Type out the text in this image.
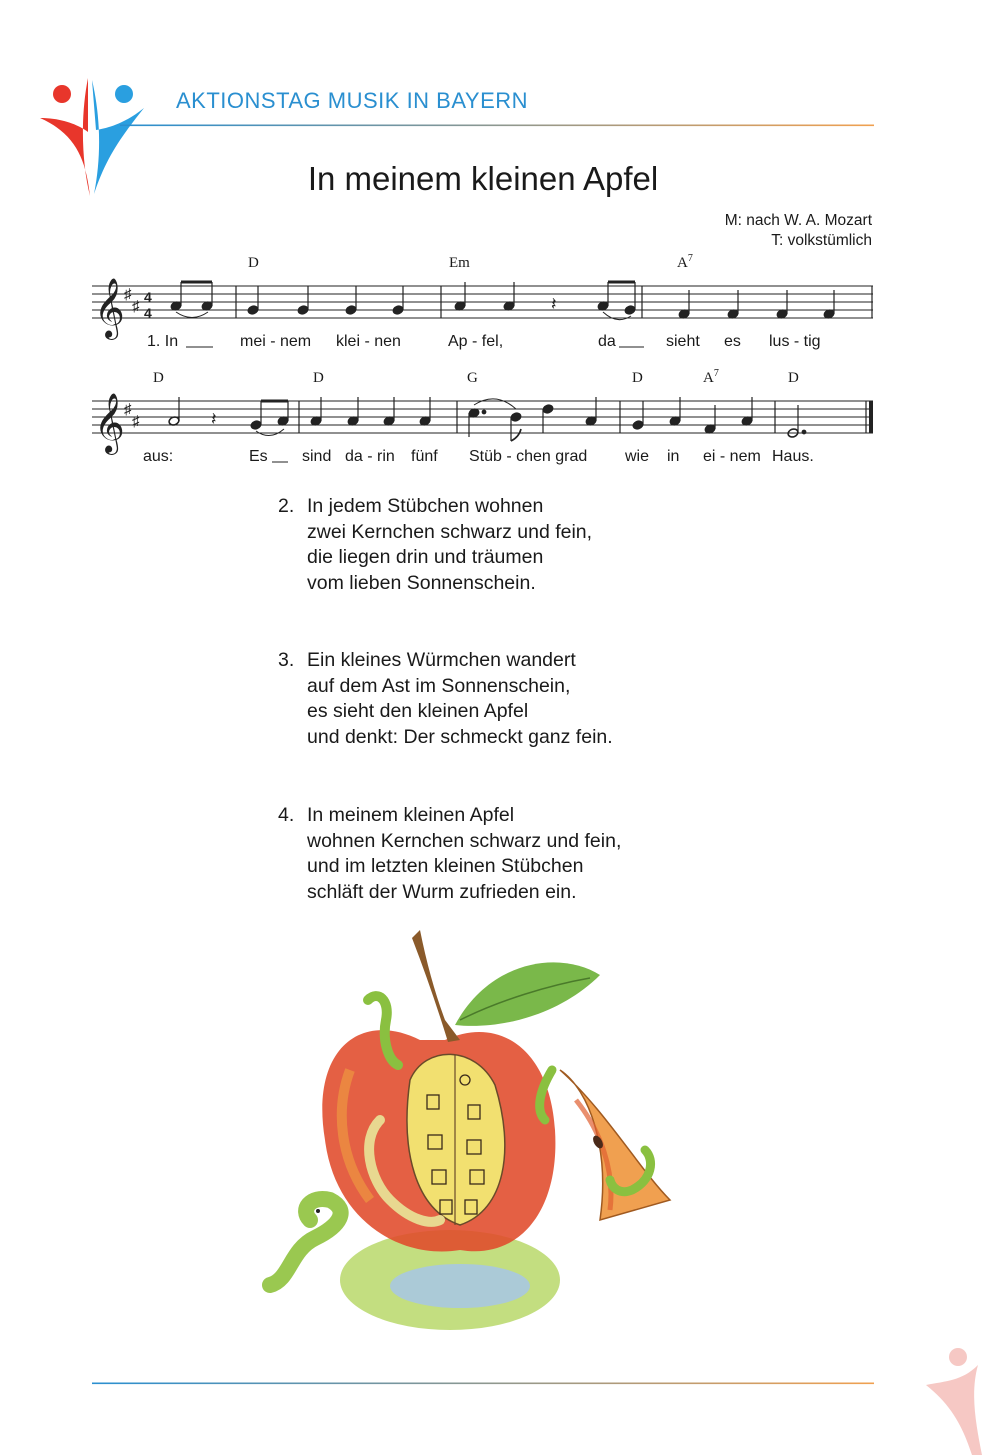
AKTIONSTAG MUSIK IN BAYERN
In meinem kleinen Apfel
M: nach W. A. Mozart
T: volkstümlich
𝄞 ♯
♯
4
4	𝄽
D	Em	$A^7$
1. In	mei - nem klei - nen	Ap - fel,	da	sieht es lus - tig
𝄞 ♯
♯	𝄽
D	D	G	D	$A^7$	D
aus:	Es sind da - rin fünf Stüb - chen grad wie in ei - nem Haus.
2. In jedem Stübchen wohnen
zwei Kernchen schwarz und fein,
die liegen drin und träumen
vom lieben Sonnenschein.
3. Ein kleines Würmchen wandert
auf dem Ast im Sonnenschein,
es sieht den kleinen Apfel
und denkt: Der schmeckt ganz fein.
4. In meinem kleinen Apfel
wohnen Kernchen schwarz und fein,
und im letzten kleinen Stübchen
schläft der Wurm zufrieden ein.
